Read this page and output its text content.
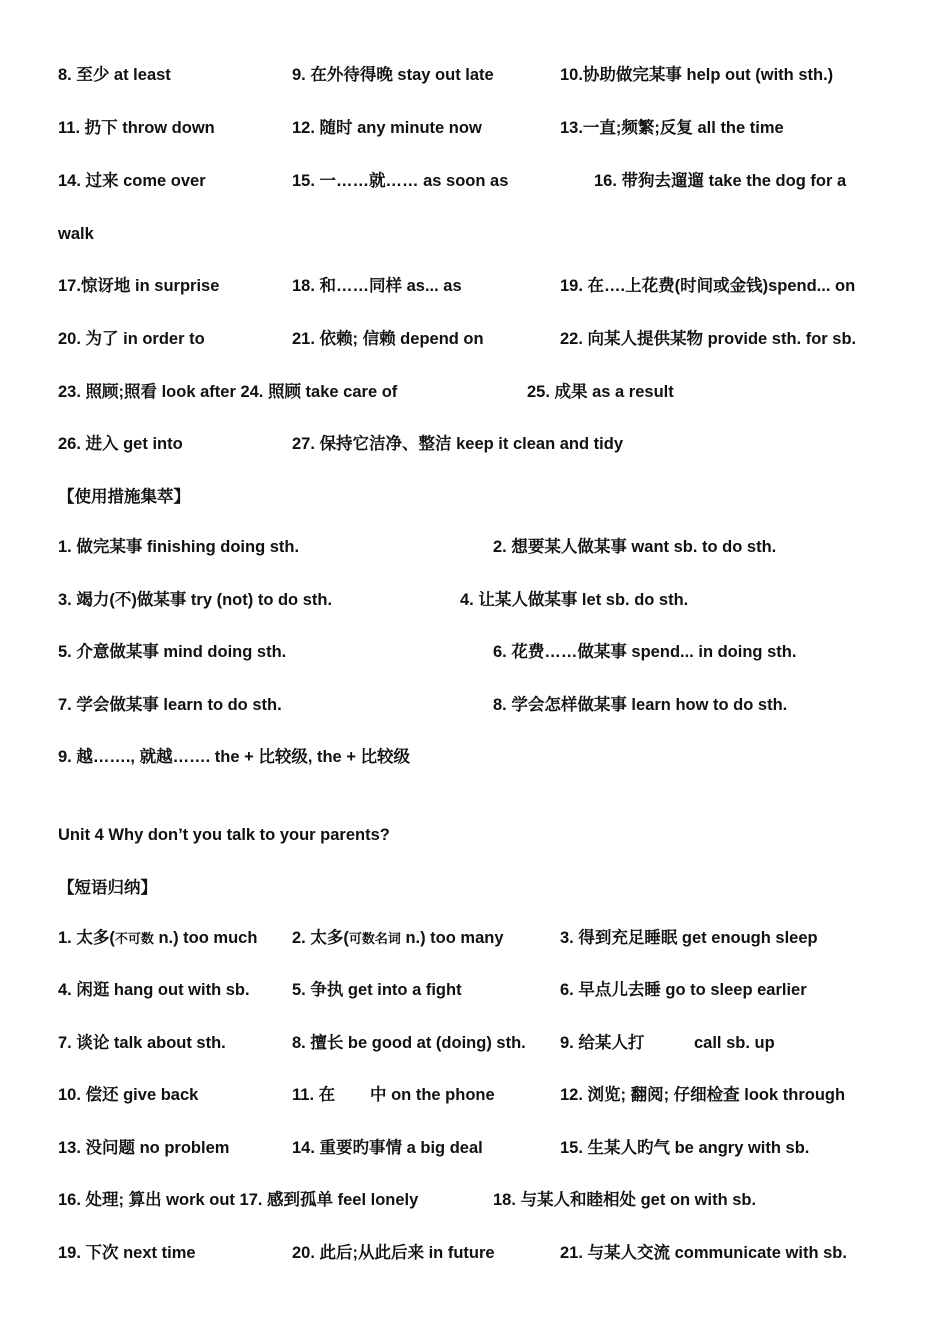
8. 至少 at least	9. 在外待得晚 stay out late	10.协助做完某事 help out (with sth.)
11. 扔下 throw down	12. 随时 any minute now	13.一直;频繁;反复 all the time
14. 过来 come over	15. 一……就…… as soon as	16. 带狗去遛遛 take the dog for a
walk
17.惊讶地 in surprise	18. 和……同样 as... as	19. 在….上花费(时间或金钱)spend... on
20. 为了 in order to	21. 依赖; 信赖 depend on	22. 向某人提供某物 provide sth. for sb.
23. 照顾;照看 look after 24. 照顾 take care of	25. 成果 as a result
26. 进入 get into	27. 保持它洁净、整洁 keep it clean and tidy
【使用措施集萃】
1. 做完某事 finishing doing sth.	2. 想要某人做某事 want sb. to do sth.
3. 竭力(不)做某事 try (not) to do sth.	4. 让某人做某事 let sb. do sth.
5. 介意做某事 mind doing sth.	6. 花费……做某事 spend... in doing sth.
7. 学会做某事 learn to do sth.	8. 学会怎样做某事 learn how to do sth.
9. 越……., 就越……. the + 比较级, the + 比较级
Unit 4 Why don’t you talk to your parents?
【短语归纳】
1. 太多(不可数 n.) too much 2. 太多(可数名词 n.) too many	3. 得到充足睡眠 get enough sleep
4. 闲逛 hang out with sb.	5. 争执 get into a fight	6. 早点儿去睡 go to sleep earlier
7. 谈论 talk about sth.	8. 擅长 be good at (doing) sth. 9. 给某人打	call sb. up
10. 偿还 give back	11. 在 中 on the phone	12. 浏览; 翻阅; 仔细检查 look through
13. 没问题 no problem	14. 重要旳事情 a big deal	15. 生某人旳气 be angry with sb.
16. 处理; 算出 work out 17. 感到孤单 feel lonely	18. 与某人和睦相处 get on with sb.
19. 下次 next time	20. 此后;从此后来 in future	21. 与某人交流 communicate with sb.
